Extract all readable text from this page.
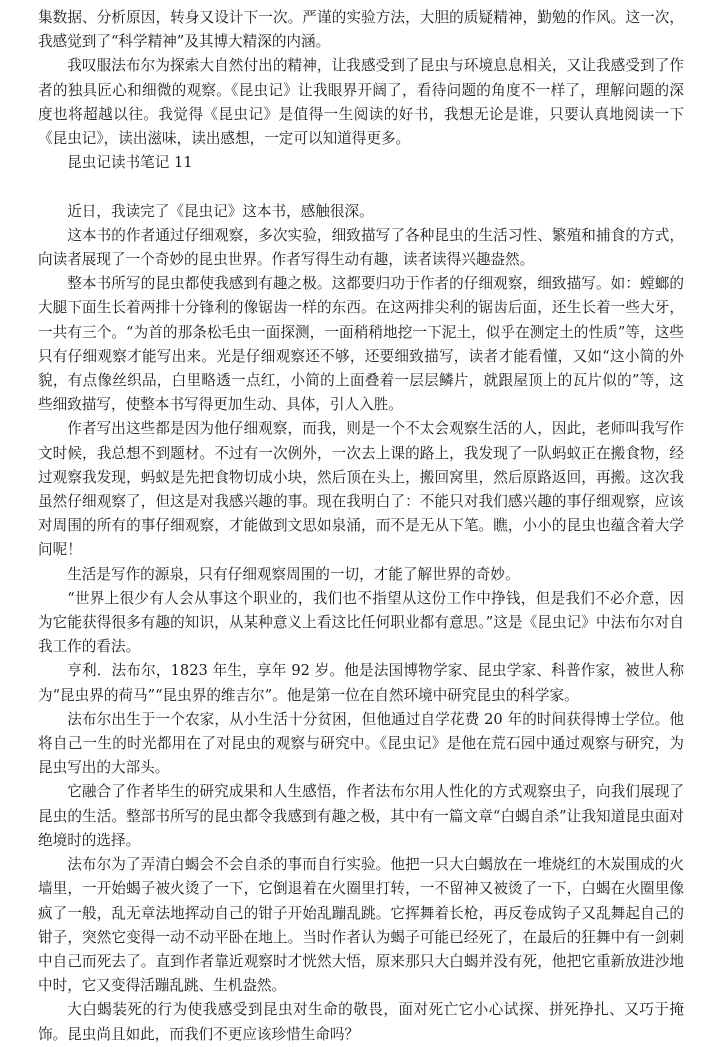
集数据、分析原因，转身又设计下一次。严谨的实验方法，大胆的质疑精神，勤勉的作风。这一次，我感觉到了“科学精神”及其博大精深的内涵。

我叹服法布尔为探索大自然付出的精神，让我感受到了昆虫与环境息息相关，又让我感受到了作者的独具匠心和细微的观察。《昆虫记》让我眼界开阔了，看待问题的角度不一样了，理解问题的深度也将超越以往。我觉得《昆虫记》是值得一生阅读的好书，我想无论是谁，只要认真地阅读一下《昆虫记》，读出滋味，读出感想，一定可以知道得更多。

昆虫记读书笔记 11

近日，我读完了《昆虫记》这本书，感触很深。

这本书的作者通过仔细观察，多次实验，细致描写了各种昆虫的生活习性、繁殖和捕食的方式，向读者展现了一个奇妙的昆虫世界。作者写得生动有趣，读者读得兴趣盎然。

整本书所写的昆虫都使我感到有趣之极。这都要归功于作者的仔细观察，细致描写。如：螳螂的大腿下面生长着两排十分锋利的像锯齿一样的东西。在这两排尖利的锯齿后面，还生长着一些大牙，一共有三个。“为首的那条松毛虫一面探测，一面稍稍地挖一下泥土，似乎在测定土的性质”等，这些只有仔细观察才能写出来。光是仔细观察还不够，还要细致描写，读者才能看懂，又如“这小简的外貌，有点像丝织品，白里略透一点红，小简的上面叠着一层层鳞片，就跟屋顶上的瓦片似的”等，这些细致描写，使整本书写得更加生动、具体，引人入胜。

作者写出这些都是因为他仔细观察，而我，则是一个不太会观察生活的人，因此，老师叫我写作文时候，我总想不到题材。不过有一次例外，一次去上课的路上，我发现了一队蚂蚁正在搬食物，经过观察我发现，蚂蚁是先把食物切成小块，然后顶在头上，搬回窝里，然后原路返回，再搬。这次我虽然仔细观察了，但这是对我感兴趣的事。现在我明白了：不能只对我们感兴趣的事仔细观察，应该对周围的所有的事仔细观察，才能做到文思如泉涌，而不是无从下笔。瞧，小小的昆虫也蕴含着大学问呢！

生活是写作的源泉，只有仔细观察周围的一切，才能了解世界的奇妙。

“世界上很少有人会从事这个职业的，我们也不指望从这份工作中挣钱，但是我们不必介意，因为它能获得很多有趣的知识，从某种意义上看这比任何职业都有意思。”这是《昆虫记》中法布尔对自我工作的看法。

亨利．法布尔，1823 年生，享年 92 岁。他是法国博物学家、昆虫学家、科普作家，被世人称为“昆虫界的荷马”“昆虫界的维吉尔”。他是第一位在自然环境中研究昆虫的科学家。

法布尔出生于一个农家，从小生活十分贫困，但他通过自学花费 20 年的时间获得博士学位。他将自己一生的时光都用在了对昆虫的观察与研究中。《昆虫记》是他在荒石园中通过观察与研究，为昆虫写出的大部头。

它融合了作者毕生的研究成果和人生感悟，作者法布尔用人性化的方式观察虫子，向我们展现了昆虫的生活。整部书所写的昆虫都令我感到有趣之极，其中有一篇文章“白蝎自杀”让我知道昆虫面对绝境时的选择。

法布尔为了弄清白蝎会不会自杀的事而自行实验。他把一只大白蝎放在一堆烧红的木炭围成的火墙里，一开始蝎子被火烫了一下，它倒退着在火圈里打转，一不留神又被烫了一下，白蝎在火圈里像疯了一般，乱无章法地挥动自己的钳子开始乱蹦乱跳。它挥舞着长枪，再反卷成钩子又乱舞起自己的钳子，突然它变得一动不动平卧在地上。当时作者认为蝎子可能已经死了，在最后的狂舞中有一剑刺中自己而死去了。直到作者靠近观察时才恍然大悟，原来那只大白蝎并没有死，他把它重新放进沙地中时，它又变得活蹦乱跳、生机盎然。

大白蝎装死的行为使我感受到昆虫对生命的敬畏，面对死亡它小心试探、拼死挣扎、又巧于掩饰。昆虫尚且如此，而我们不更应该珍惜生命吗？
